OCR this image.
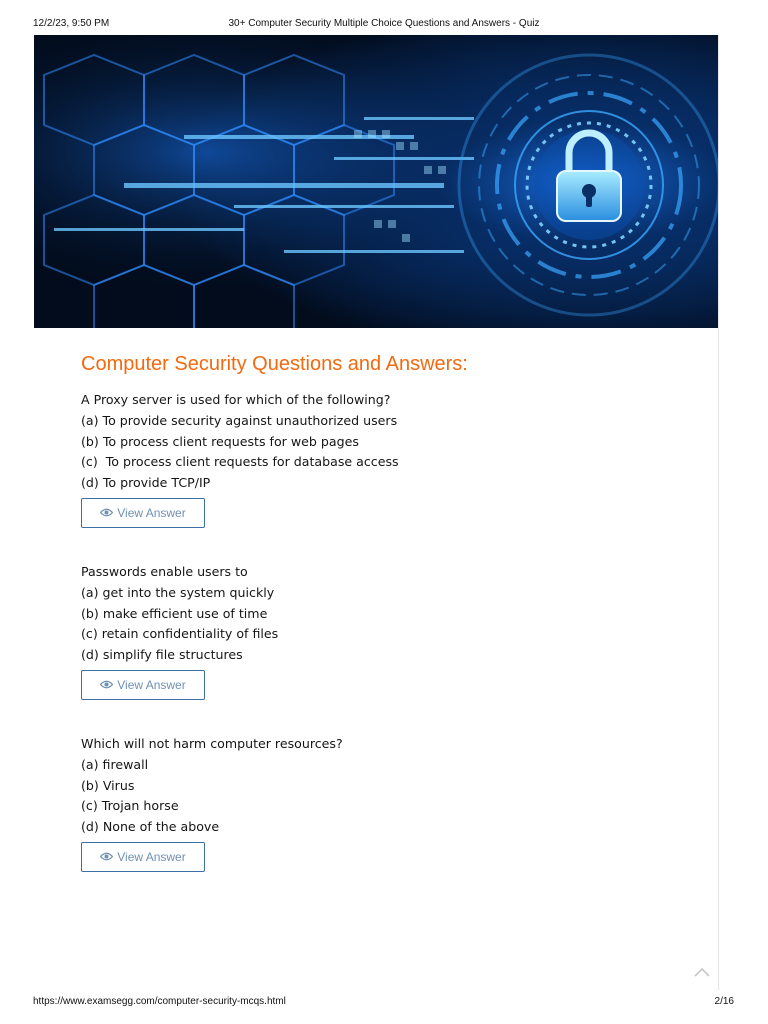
12/2/23, 9:50 PM	30+ Computer Security Multiple Choice Questions and Answers - Quiz
Computer Security Questions and Answers:
A Proxy server is used for which of the following?
(a) To provide security against unauthorized users
(b) To process client requests for web pages
(c)  To process client requests for database access
(d) To provide TCP/IP
View Answer
Passwords enable users to
(a) get into the system quickly
(b) make efficient use of time
(c) retain confidentiality of files
(d) simplify file structures
View Answer
Which will not harm computer resources?
(a) firewall
(b) Virus
(c) Trojan horse
(d) None of the above
View Answer
https://www.examsegg.com/computer-security-mcqs.html	2/16
